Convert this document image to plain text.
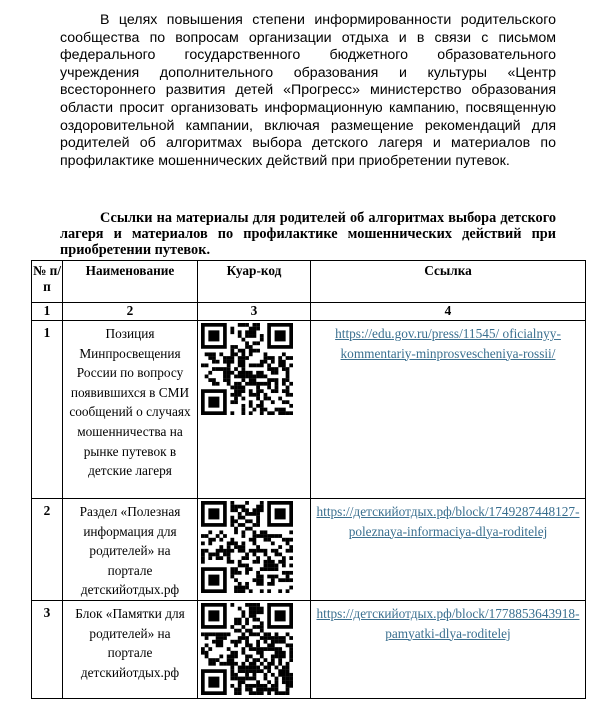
В целях повышения степени информированности родительского сообщества по вопросам организации отдыха и в связи с письмом федерального государственного бюджетного образовательного учреждения дополнительного образования и культуры «Центр всестороннего развития детей «Прогресс» министерство образования области просит организовать информационную кампанию, посвященную оздоровительной кампании, включая размещение рекомендаций для родителей об алгоритмах выбора детского лагеря и материалов по профилактике мошеннических действий при приобретении путевок.

Ссылки на материалы для родителей об алгоритмах выбора детского лагеря и материалов по профилактике мошеннических действий при приобретении путевок.

№ п/п	Наименование	Куар-код	Ссылка
1	2	3	4
1	Позиция Минпросвещения России по вопросу появившихся в СМИ сообщений о случаях мошенничества на рынке путевок в детские лагеря		https://edu.gov.ru/press/11545/ oficialnyy-kommentariy-minprosvescheniya-rossii/
2	Раздел «Полезная информация для родителей» на портале детскийотдых.рф		https://детскийотдых.рф/block/1749287448127-poleznaya-informaciya-dlya-roditelej
3	Блок «Памятки для родителей» на портале детскийотдых.рф		https://детскийотдых.рф/block/1778853643918-pamyatki-dlya-roditelej
